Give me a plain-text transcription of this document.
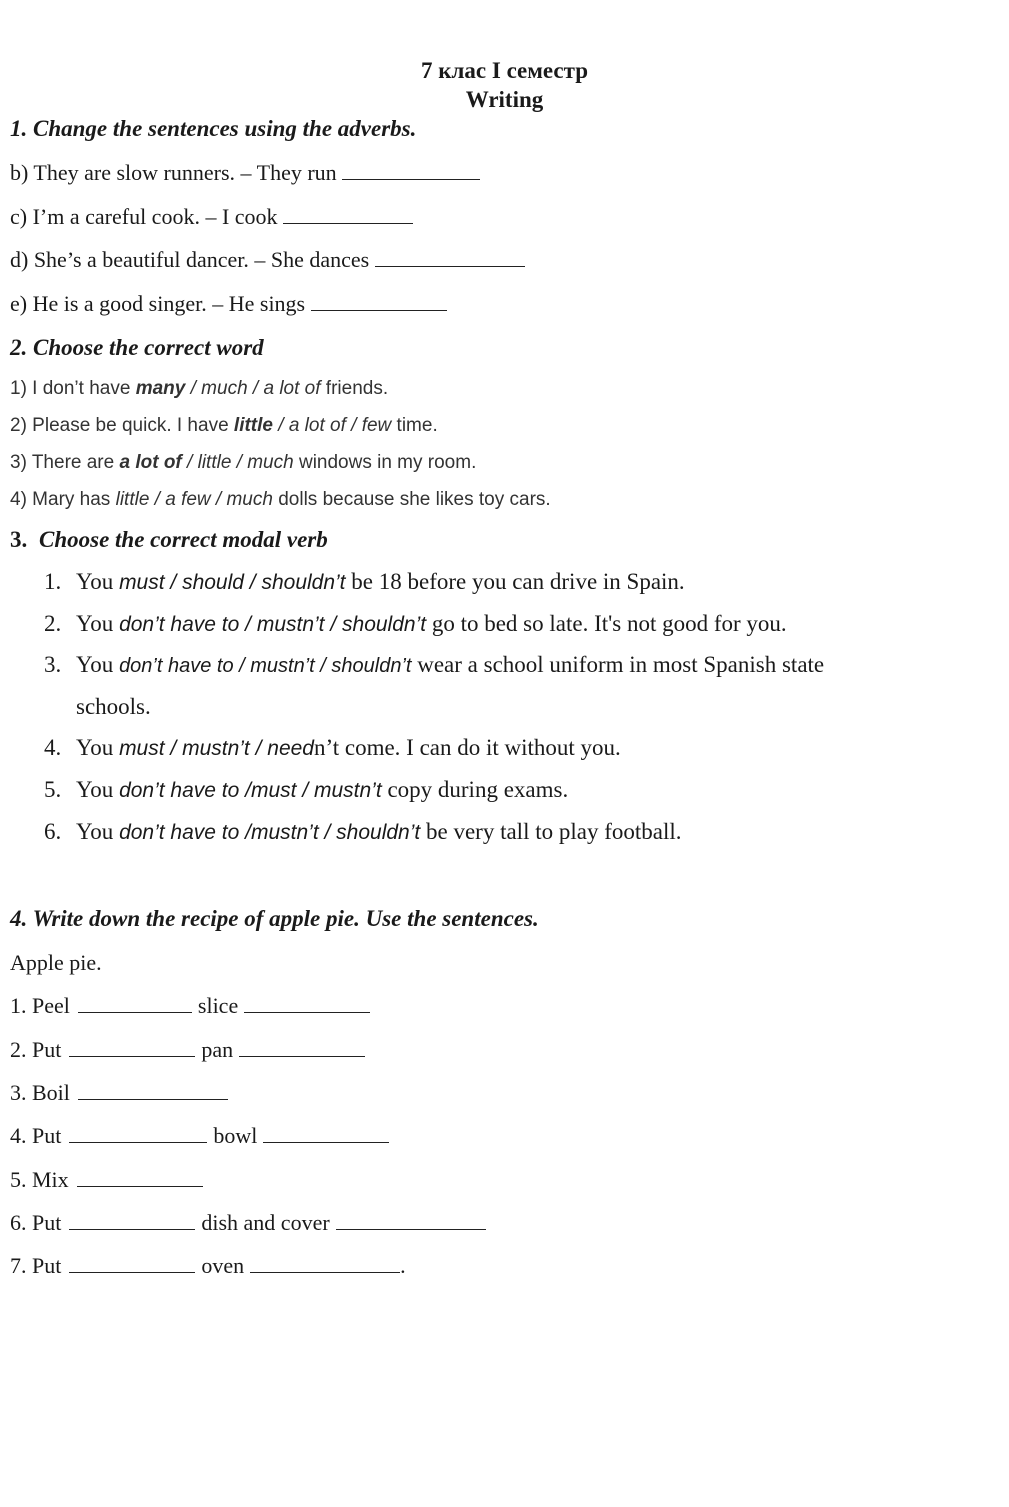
7 клас I семестр
Writing
1. Change the sentences using the adverbs.
b) They are slow runners. – They run
c) I’m a careful cook. – I cook
d) She’s a beautiful dancer. – She dances
e) He is a good singer. – He sings
2. Choose the correct word
1) I don’t have many / much / a lot of friends.
2) Please be quick. I have little / a lot of / few time.
3) There are a lot of / little / much windows in my room.
4) Mary has little / a few / much dolls because she likes toy cars.
3. Choose the correct modal verb
1. You must / should / shouldn’t be 18 before you can drive in Spain.
2. You don’t have to / mustn’t / shouldn’t go to bed so late. It's not good for you.
3. You don’t have to / mustn’t / shouldn’t wear a school uniform in most Spanish state
schools.
4. You must / mustn’t / needn’t come. I can do it without you.
5. You don’t have to /must / mustn’t copy during exams.
6. You don’t have to /mustn’t / shouldn’t be very tall to play football.
4. Write down the recipe of apple pie. Use the sentences.
Apple pie.
1. Peel	slice
2. Put	pan
3. Boil
4. Put	bowl
5. Mix
6. Put	dish and cover
7. Put	oven	.
